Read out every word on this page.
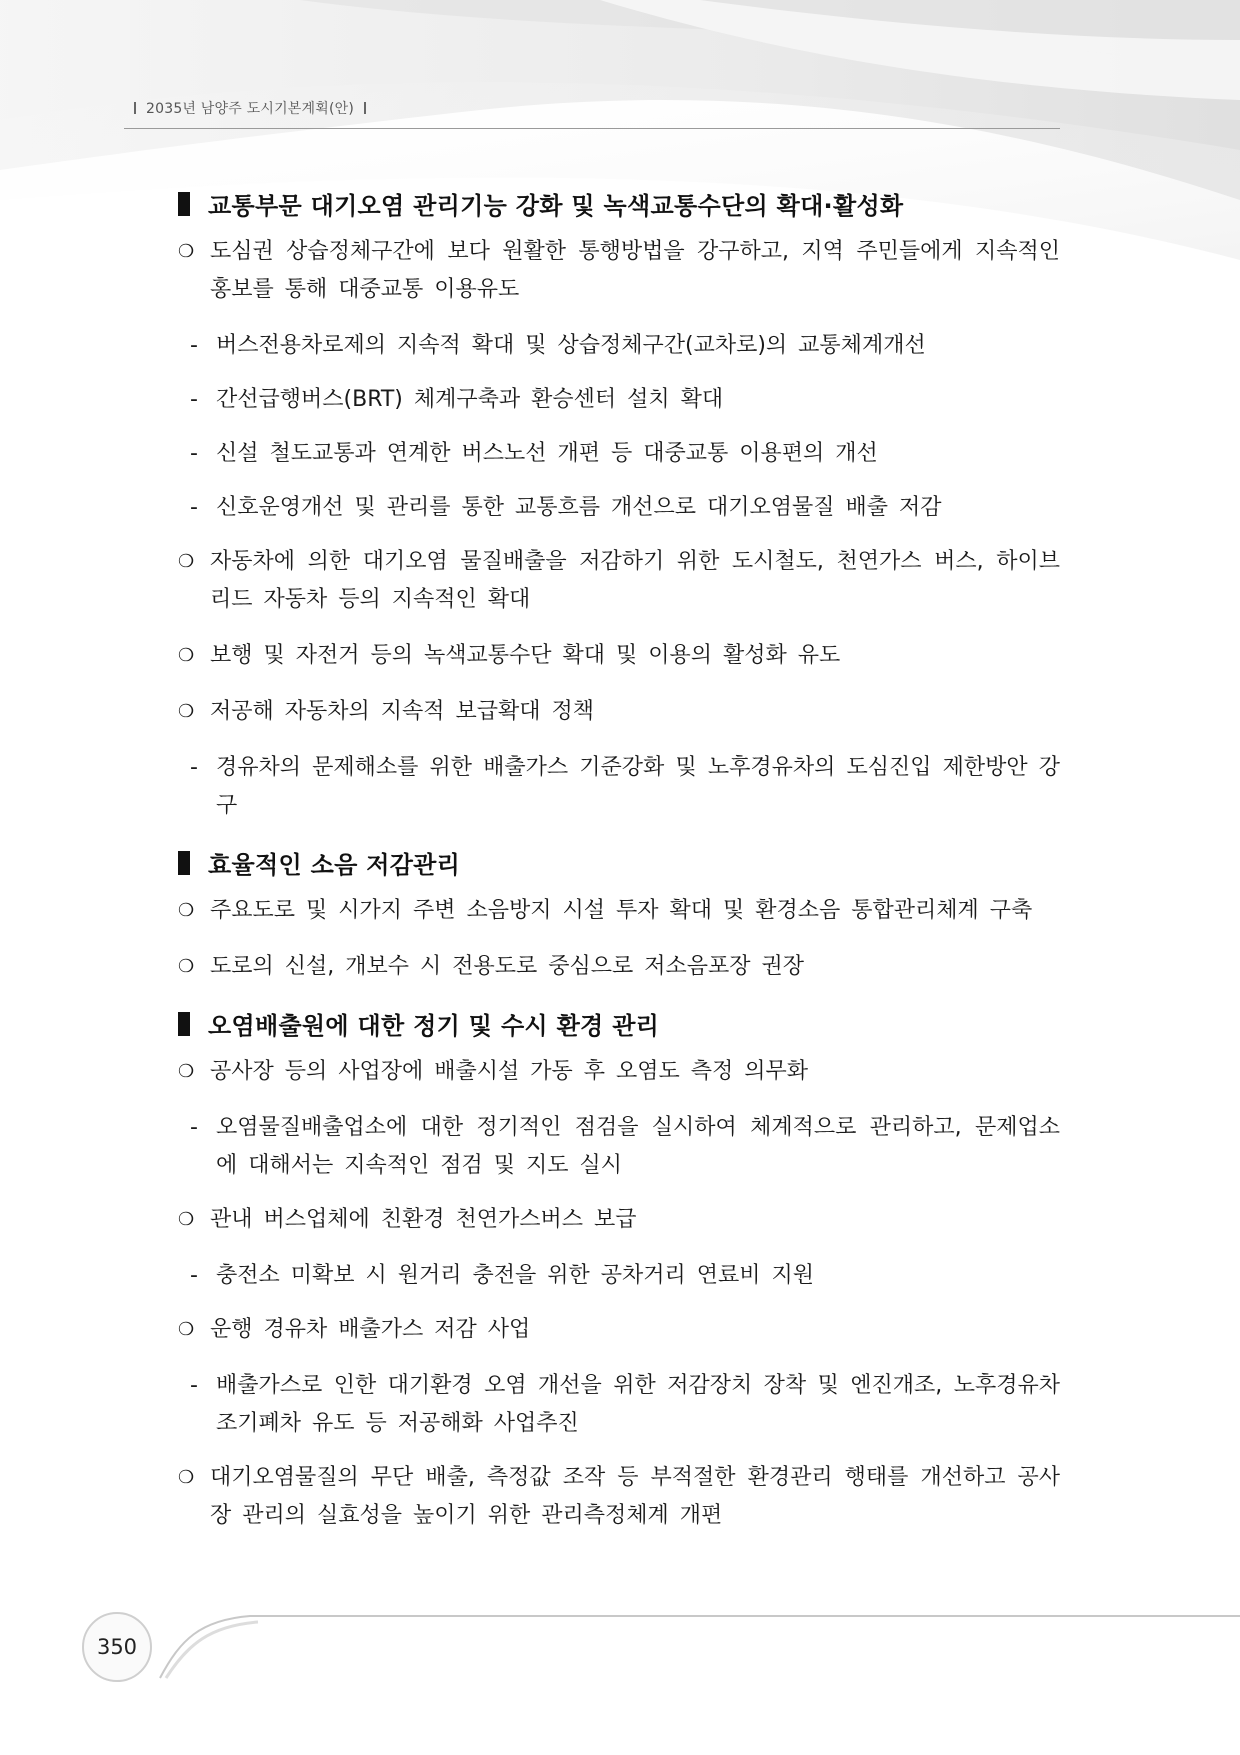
2035년 남양주 도시기본계획(안)
교통부문 대기오염 관리기능 강화 및 녹색교통수단의 확대·활성화
❍ 도심권 상습정체구간에 보다 원활한 통행방법을 강구하고, 지역 주민들에게 지속적인 홍보를 통해 대중교통 이용유도
- 버스전용차로제의 지속적 확대 및 상습정체구간(교차로)의 교통체계개선
- 간선급행버스(BRT) 체계구축과 환승센터 설치 확대
- 신설 철도교통과 연계한 버스노선 개편 등 대중교통 이용편의 개선
- 신호운영개선 및 관리를 통한 교통흐름 개선으로 대기오염물질 배출 저감
❍ 자동차에 의한 대기오염 물질배출을 저감하기 위한 도시철도, 천연가스 버스, 하이브리드 자동차 등의 지속적인 확대
❍ 보행 및 자전거 등의 녹색교통수단 확대 및 이용의 활성화 유도
❍ 저공해 자동차의 지속적 보급확대 정책
- 경유차의 문제해소를 위한 배출가스 기준강화 및 노후경유차의 도심진입 제한방안 강구
효율적인 소음 저감관리
❍ 주요도로 및 시가지 주변 소음방지 시설 투자 확대 및 환경소음 통합관리체계 구축
❍ 도로의 신설, 개보수 시 전용도로 중심으로 저소음포장 권장
오염배출원에 대한 정기 및 수시 환경 관리
❍ 공사장 등의 사업장에 배출시설 가동 후 오염도 측정 의무화
- 오염물질배출업소에 대한 정기적인 점검을 실시하여 체계적으로 관리하고, 문제업소에 대해서는 지속적인 점검 및 지도 실시
❍ 관내 버스업체에 친환경 천연가스버스 보급
- 충전소 미확보 시 원거리 충전을 위한 공차거리 연료비 지원
❍ 운행 경유차 배출가스 저감 사업
- 배출가스로 인한 대기환경 오염 개선을 위한 저감장치 장착 및 엔진개조, 노후경유차 조기폐차 유도 등 저공해화 사업추진
❍ 대기오염물질의 무단 배출, 측정값 조작 등 부적절한 환경관리 행태를 개선하고 공사장 관리의 실효성을 높이기 위한 관리측정체계 개편
350
